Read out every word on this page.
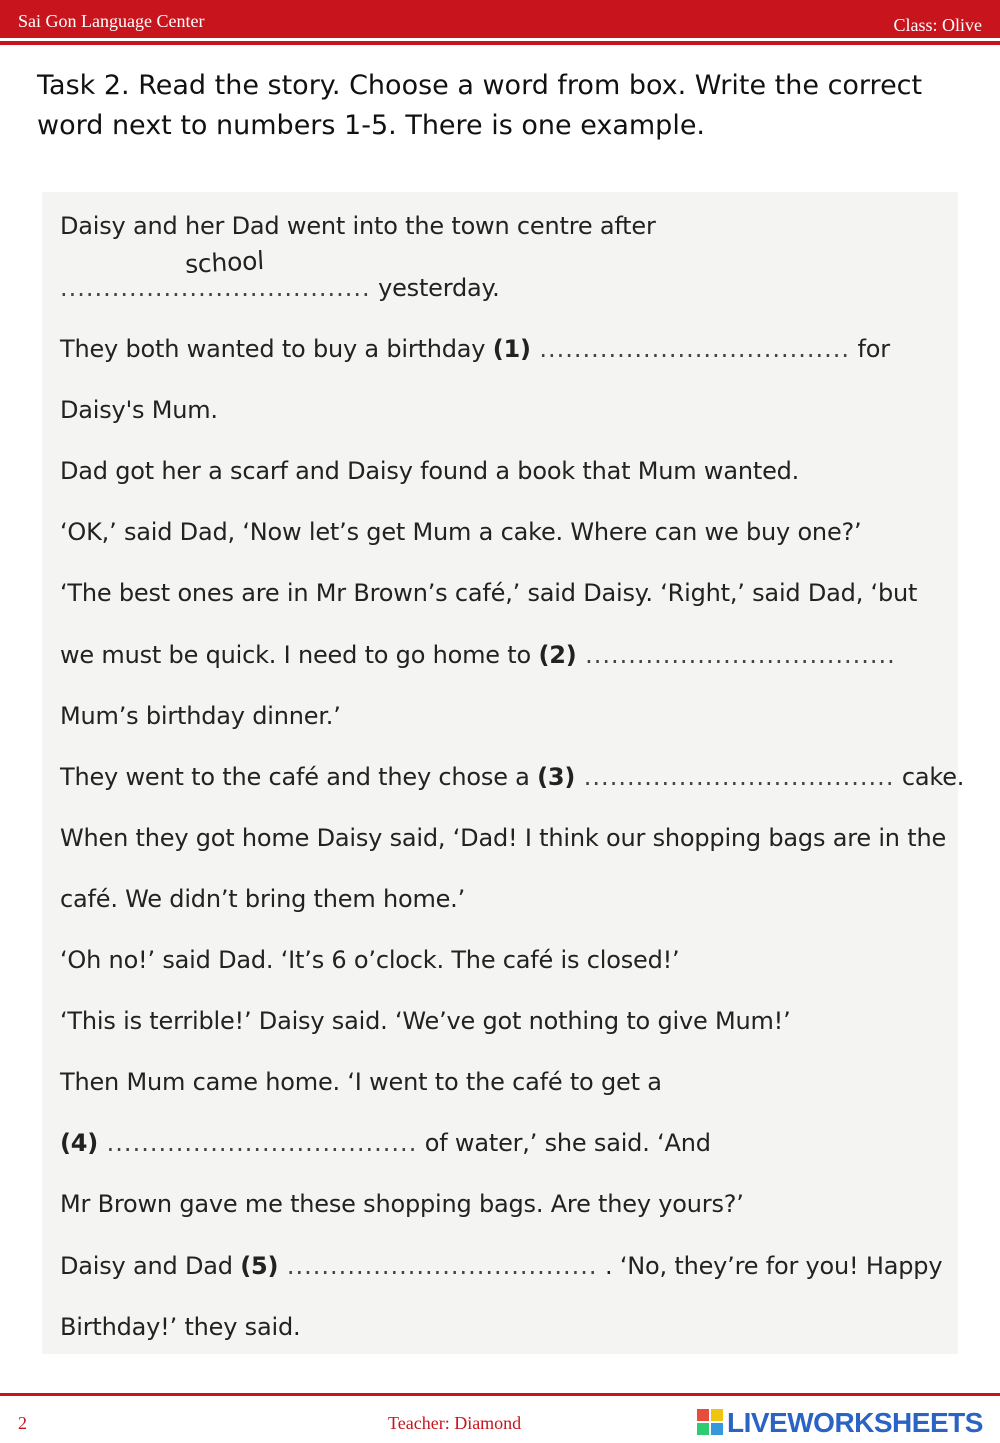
Sai Gon Language Center	Class: Olive
Task 2. Read the story. Choose a word from box. Write the correct word next to numbers 1-5. There is one example.
Daisy and her Dad went into the town centre after
.................................... yesterday.
school
They both wanted to buy a birthday (1) .................................... for
Daisy's Mum.
Dad got her a scarf and Daisy found a book that Mum wanted.
‘OK,’ said Dad, ‘Now let’s get Mum a cake. Where can we buy one?’
‘The best ones are in Mr Brown’s café,’ said Daisy. ‘Right,’ said Dad, ‘but
we must be quick. I need to go home to (2) ....................................
Mum’s birthday dinner.’
They went to the café and they chose a (3) .................................... cake.
When they got home Daisy said, ‘Dad! I think our shopping bags are in the
café. We didn’t bring them home.’
‘Oh no!’ said Dad. ‘It’s 6 o’clock. The café is closed!’
‘This is terrible!’ Daisy said. ‘We’ve got nothing to give Mum!’
Then Mum came home. ‘I went to the café to get a
(4) .................................... of water,’ she said. ‘And
Mr Brown gave me these shopping bags. Are they yours?’
Daisy and Dad (5) .................................... . ‘No, they’re for you! Happy
Birthday!’ they said.
2	Teacher: Diamond	LIVEWORKSHEETS
